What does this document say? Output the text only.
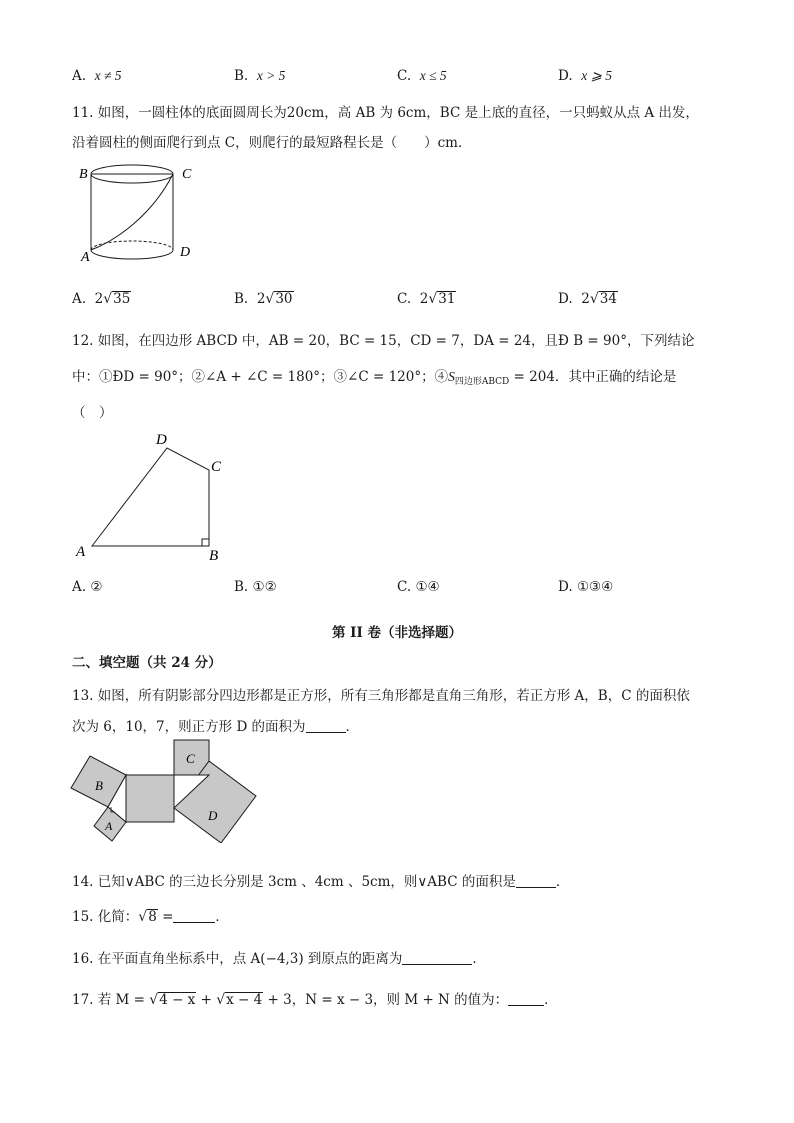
A. x ≠ 5	B. x > 5	C. x ≤ 5	D. x ⩾ 5
11. 如图，一圆柱体的底面圆周长为20cm，高 AB 为 6cm，BC 是上底的直径，一只蚂蚁从点 A 出发，
沿着圆柱的侧面爬行到点 C，则爬行的最短路程长是（　　）cm．
B	C
A	D
A. 2√35	B. 2√30	C. 2√31	D. 2√34
12. 如图，在四边形 ABCD 中，AB = 20，BC = 15，CD = 7，DA = 24，且Ð B = 90°，下列结论
中：①ÐD = 90°；②∠A + ∠C = 180°；③∠C = 120°；$④S_{四边形ABCD} = 204$．其中正确的结论是
（　）
D
C
A	B
A. ②	B. ①②	C. ①④	D. ①③④
第 II 卷（非选择题）
二、填空题（共 24 分）
13. 如图，所有阴影部分四边形都是正方形，所有三角形都是直角三角形，若正方形 A，B，C 的面积依
次为 6，10，7，则正方形 D 的面积为	．
B
A
C
D
14. 已知∨ABC 的三边长分别是 3cm 、4cm 、5cm，则∨ABC 的面积是	．
15. 化简：√8 =	．
16. 在平面直角坐标系中，点 A(−4,3) 到原点的距离为	．
17. 若 M = √4 − x + √x − 4 + 3，N = x − 3，则 M + N 的值为：	．
